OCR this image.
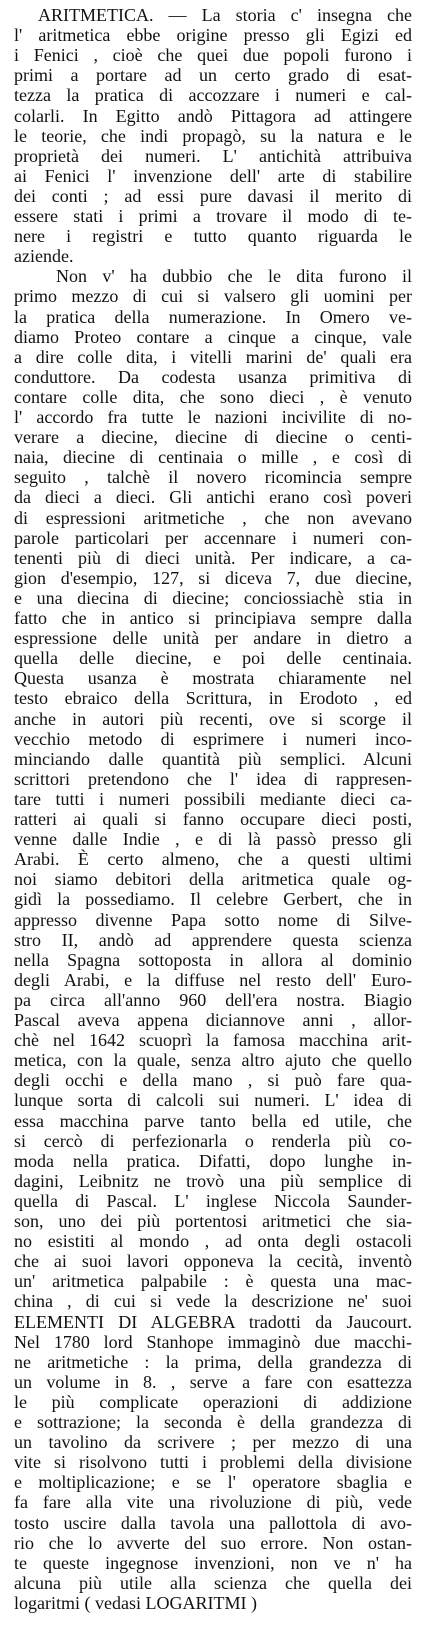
ARITMETICA. — La storia c' insegna che
l' aritmetica ebbe origine presso gli Egizi ed
i Fenici , cioè che quei due popoli furono i
primi a portare ad un certo grado di esat-
tezza la pratica di accozzare i numeri e cal-
colarli. In Egitto andò Pittagora ad attingere
le teorie, che indi propagò, su la natura e le
proprietà dei numeri. L' antichità attribuiva
ai Fenici l' invenzione dell' arte di stabilire
dei conti ; ad essi pure davasi il merito di
essere stati i primi a trovare il modo di te-
nere i registri e tutto quanto riguarda le
aziende.
Non v' ha dubbio che le dita furono il
primo mezzo di cui si valsero gli uomini per
la pratica della numerazione. In Omero ve-
diamo Proteo contare a cinque a cinque, vale
a dire colle dita, i vitelli marini de' quali era
conduttore. Da codesta usanza primitiva di
contare colle dita, che sono dieci , è venuto
l' accordo fra tutte le nazioni incivilite di no-
verare a diecine, diecine di diecine o centi-
naia, diecine di centinaia o mille , e così di
seguito , talchè il novero ricomincia sempre
da dieci a dieci. Gli antichi erano così poveri
di espressioni aritmetiche , che non avevano
parole particolari per accennare i numeri con-
tenenti più di dieci unità. Per indicare, a ca-
gion d'esempio, 127, si diceva 7, due diecine,
e una diecina di diecine; conciossiachè stia in
fatto che in antico si principiava sempre dalla
espressione delle unità per andare in dietro a
quella delle diecine, e poi delle centinaia.
Questa usanza è mostrata chiaramente nel
testo ebraico della Scrittura, in Erodoto , ed
anche in autori più recenti, ove si scorge il
vecchio metodo di esprimere i numeri inco-
minciando dalle quantità più semplici. Alcuni
scrittori pretendono che l' idea di rappresen-
tare tutti i numeri possibili mediante dieci ca-
ratteri ai quali si fanno occupare dieci posti,
venne dalle Indie , e di là passò presso gli
Arabi. È certo almeno, che a questi ultimi
noi siamo debitori della aritmetica quale og-
gidì la possediamo. Il celebre Gerbert, che in
appresso divenne Papa sotto nome di Silve-
stro II, andò ad apprendere questa scienza
nella Spagna sottoposta in allora al dominio
degli Arabi, e la diffuse nel resto dell' Euro-
pa circa all'anno 960 dell'era nostra. Biagio
Pascal aveva appena diciannove anni , allor-
chè nel 1642 scuoprì la famosa macchina arit-
metica, con la quale, senza altro ajuto che quello
degli occhi e della mano , si può fare qua-
lunque sorta di calcoli sui numeri. L' idea di
essa macchina parve tanto bella ed utile, che
si cercò di perfezionarla o renderla più co-
moda nella pratica. Difatti, dopo lunghe in-
dagini, Leibnitz ne trovò una più semplice di
quella di Pascal. L' inglese Niccola Saunder-
son, uno dei più portentosi aritmetici che sia-
no esistiti al mondo , ad onta degli ostacoli
che ai suoi lavori opponeva la cecità, inventò
un' aritmetica palpabile : è questa una mac-
china , di cui si vede la descrizione ne' suoi
ELEMENTI DI ALGEBRA tradotti da Jaucourt.
Nel 1780 lord Stanhope immaginò due macchi-
ne aritmetiche : la prima, della grandezza di
un volume in 8. , serve a fare con esattezza
le più complicate operazioni di addizione
e sottrazione; la seconda è della grandezza di
un tavolino da scrivere ; per mezzo di una
vite si risolvono tutti i problemi della divisione
e moltiplicazione; e se l' operatore sbaglia e
fa fare alla vite una rivoluzione di più, vede
tosto uscire dalla tavola una pallottola di avo-
rio che lo avverte del suo errore. Non ostan-
te queste ingegnose invenzioni, non ve n' ha
alcuna più utile alla scienza che quella dei
logaritmi ( vedasi LOGARITMI )
